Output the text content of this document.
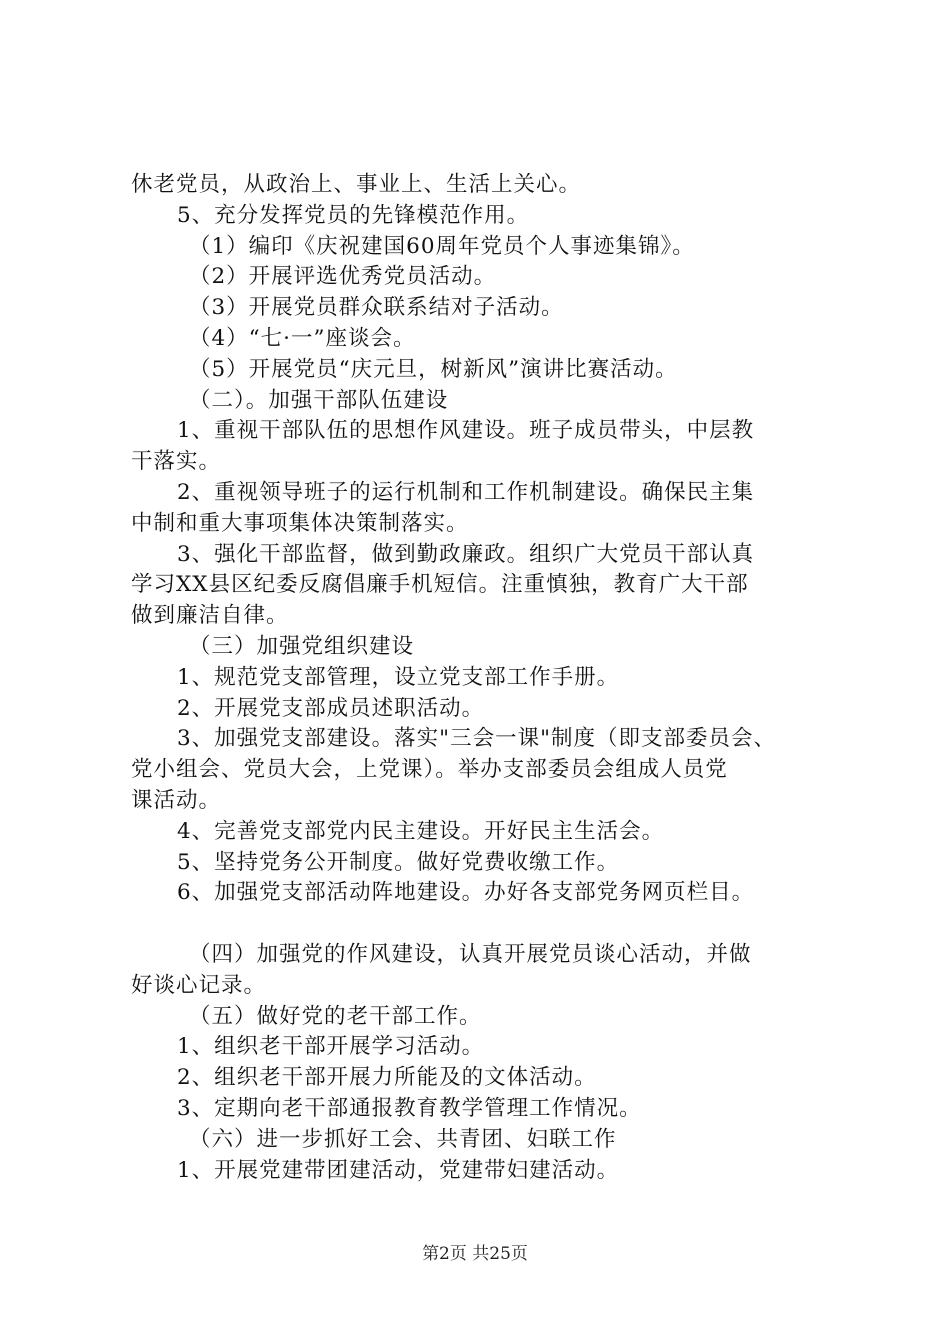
休老党员，从政治上、事业上、生活上关心。
5、充分发挥党员的先锋模范作用。
（1）编印《庆祝建国60周年党员个人事迹集锦》。
（2）开展评选优秀党员活动。
（3）开展党员群众联系结对子活动。
（4）“七·一”座谈会。
（5）开展党员“庆元旦，树新风”演讲比赛活动。
（二）。加强干部队伍建设
1、重视干部队伍的思想作风建设。班子成员带头，中层教
干落实。
2、重视领导班子的运行机制和工作机制建设。确保民主集
中制和重大事项集体决策制落实。
3、强化干部监督，做到勤政廉政。组织广大党员干部认真
学习XX县区纪委反腐倡廉手机短信。注重慎独，教育广大干部
做到廉洁自律。
（三）加强党组织建设
1、规范党支部管理，设立党支部工作手册。
2、开展党支部成员述职活动。
3、加强党支部建设。落实"三会一课"制度（即支部委员会、
党小组会、党员大会，上党课）。举办支部委员会组成人员党
课活动。
4、完善党支部党内民主建设。开好民主生活会。
5、坚持党务公开制度。做好党费收缴工作。
6、加强党支部活动阵地建设。办好各支部党务网页栏目。
（四）加强党的作风建设，认真开展党员谈心活动，并做
好谈心记录。
（五）做好党的老干部工作。
1、组织老干部开展学习活动。
2、组织老干部开展力所能及的文体活动。
3、定期向老干部通报教育教学管理工作情况。
（六）进一步抓好工会、共青团、妇联工作
1、开展党建带团建活动，党建带妇建活动。
第2页 共25页
